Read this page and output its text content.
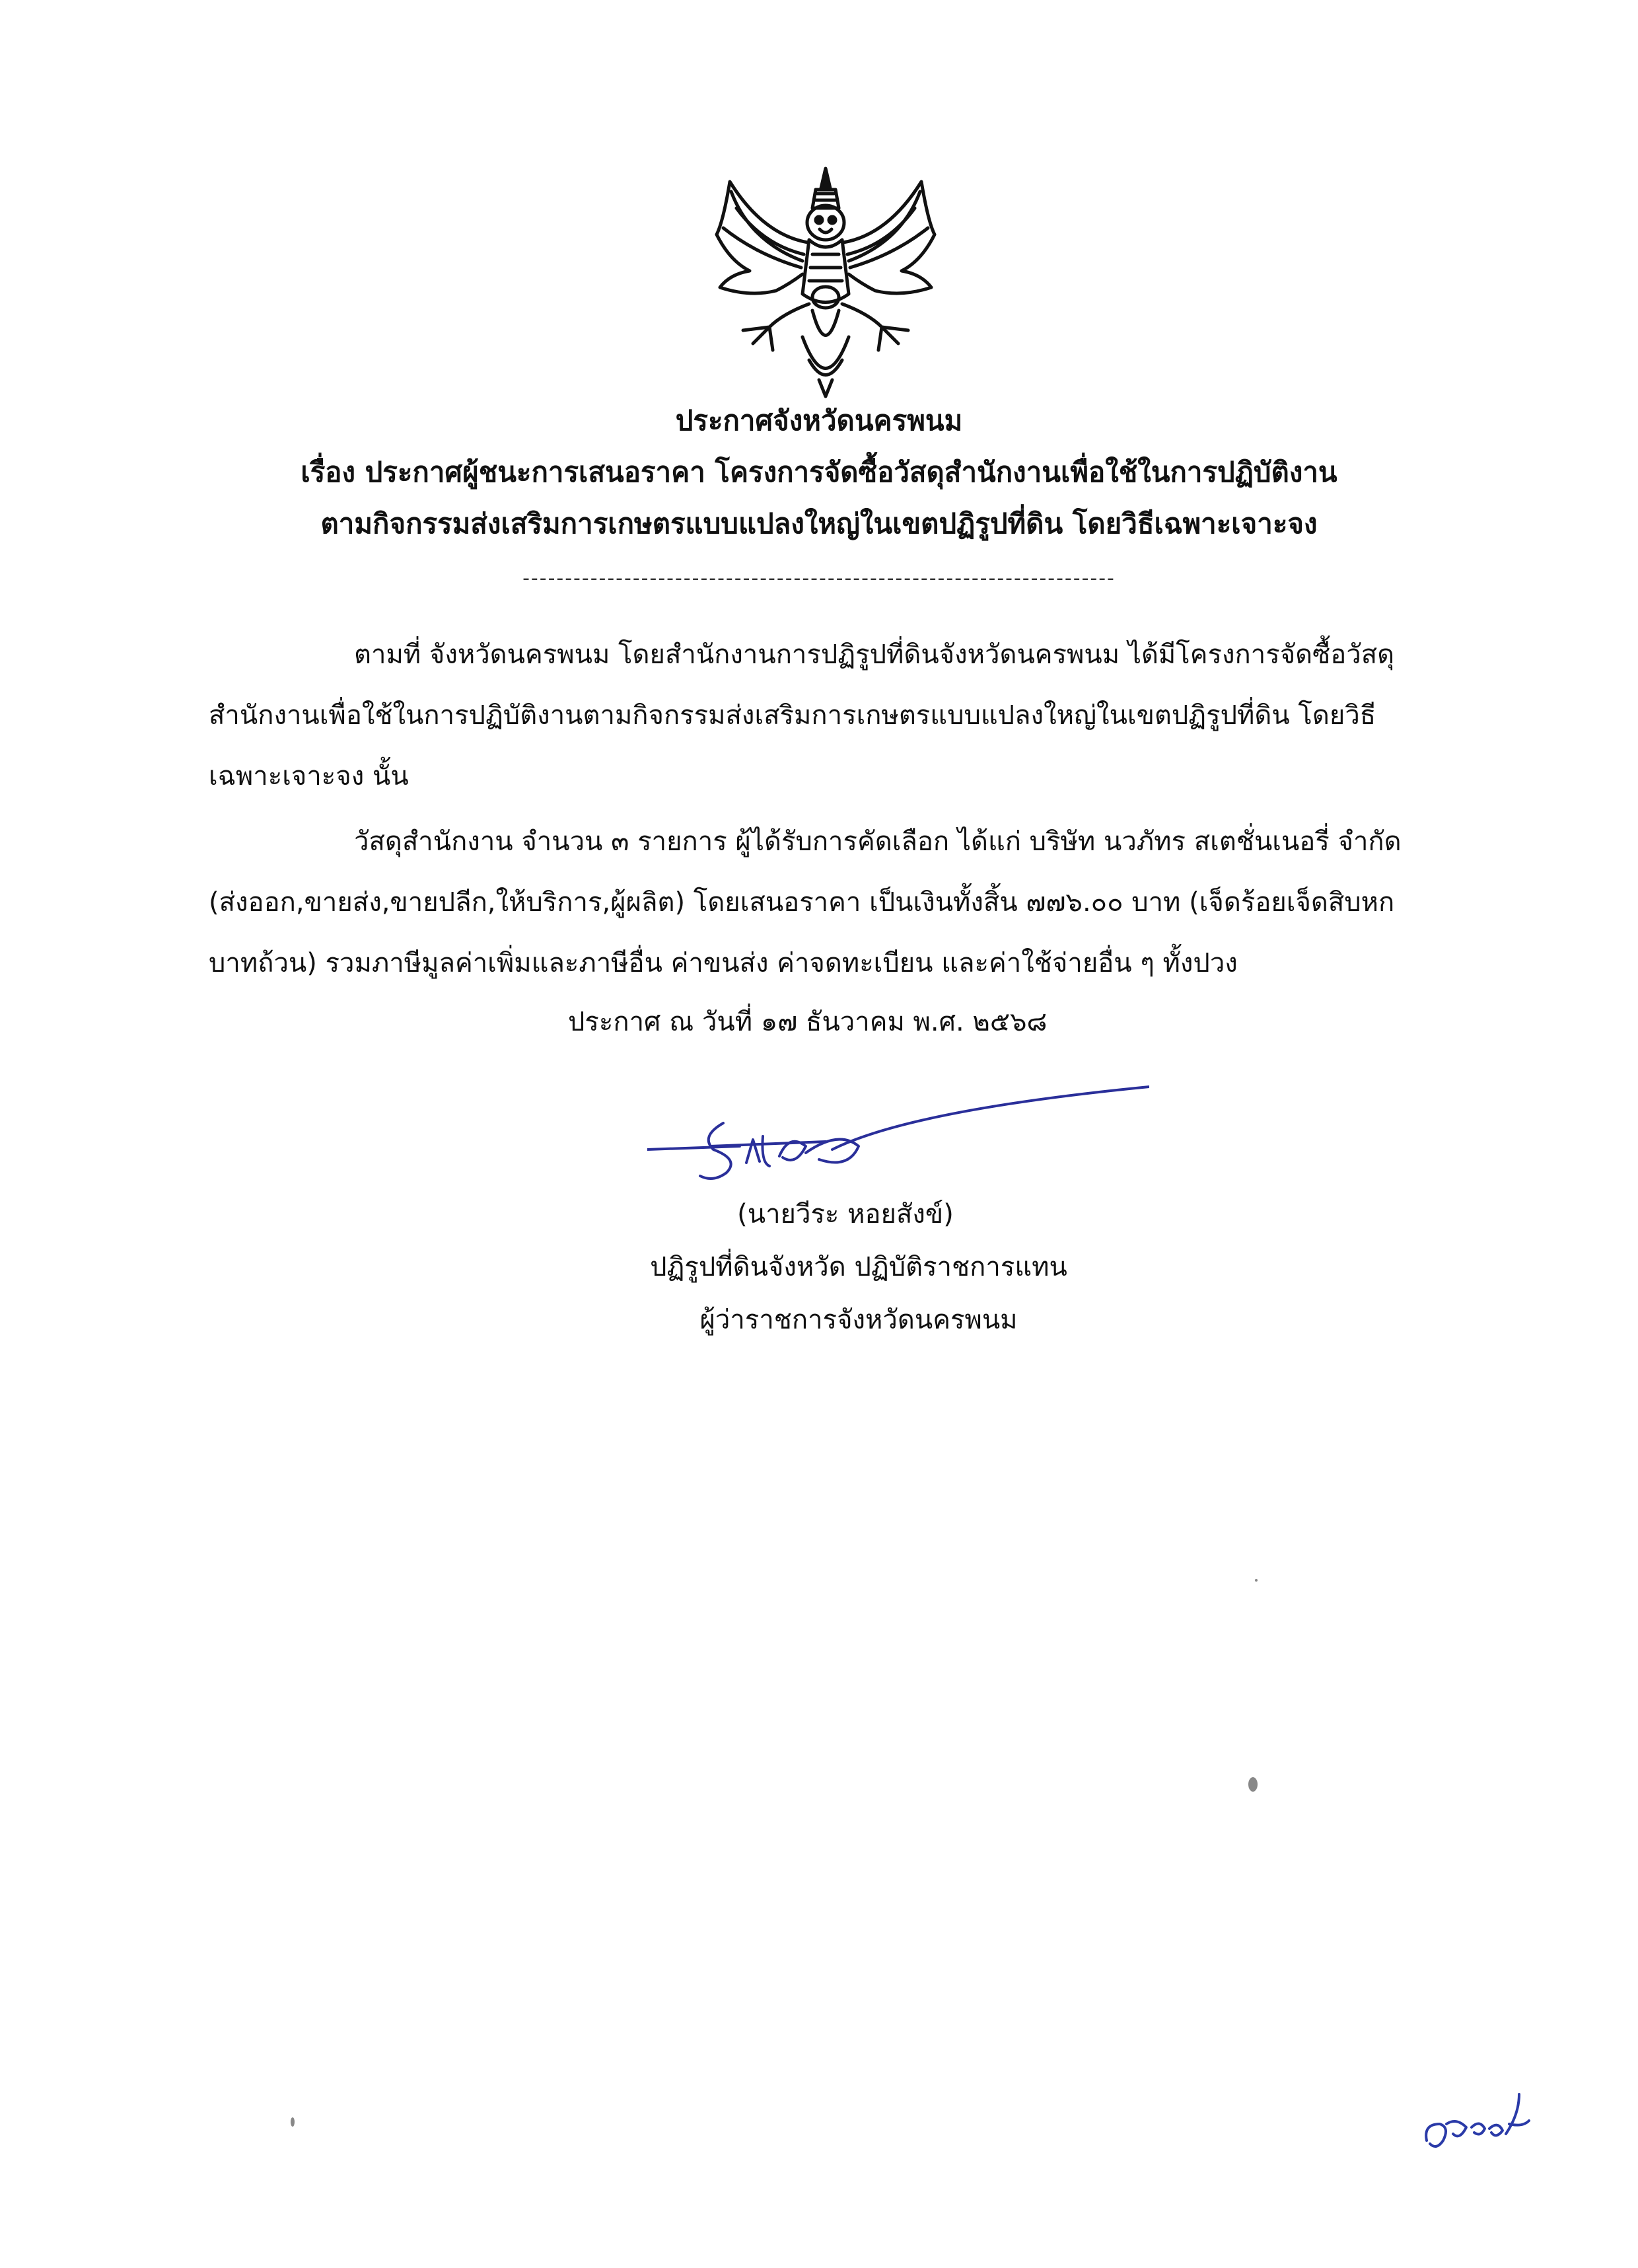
ประกาศจังหวัดนครพนม
เรื่อง ประกาศผู้ชนะการเสนอราคา โครงการจัดซื้อวัสดุสำนักงานเพื่อใช้ในการปฏิบัติงาน
ตามกิจกรรมส่งเสริมการเกษตรแบบแปลงใหญ่ในเขตปฏิรูปที่ดิน โดยวิธีเฉพาะเจาะจง
----------------------------------------------------------------------
ตามที่ จังหวัดนครพนม โดยสำนักงานการปฏิรูปที่ดินจังหวัดนครพนม ได้มีโครงการจัดซื้อวัสดุ
สำนักงานเพื่อใช้ในการปฏิบัติงานตามกิจกรรมส่งเสริมการเกษตรแบบแปลงใหญ่ในเขตปฏิรูปที่ดิน โดยวิธี
เฉพาะเจาะจง นั้น
วัสดุสำนักงาน จำนวน ๓ รายการ ผู้ได้รับการคัดเลือก ได้แก่ บริษัท นวภัทร สเตชั่นเนอรี่ จำกัด
(ส่งออก,ขายส่ง,ขายปลีก,ให้บริการ,ผู้ผลิต) โดยเสนอราคา เป็นเงินทั้งสิ้น ๗๗๖.๐๐ บาท (เจ็ดร้อยเจ็ดสิบหก
บาทถ้วน) รวมภาษีมูลค่าเพิ่มและภาษีอื่น ค่าขนส่ง ค่าจดทะเบียน และค่าใช้จ่ายอื่น ๆ ทั้งปวง
ประกาศ ณ วันที่ ๑๗ ธันวาคม พ.ศ. ๒๕๖๘
(นายวีระ หอยสังข์)
ปฏิรูปที่ดินจังหวัด ปฏิบัติราชการแทน
ผู้ว่าราชการจังหวัดนครพนม
